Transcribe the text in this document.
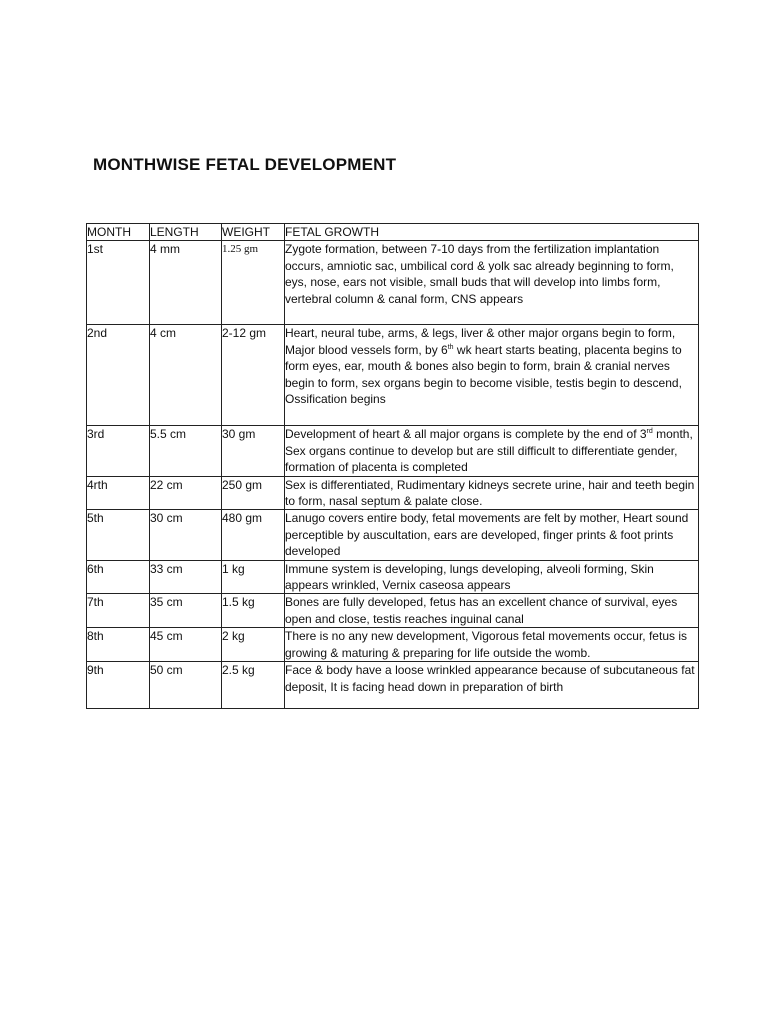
MONTHWISE FETAL DEVELOPMENT
MONTH	LENGTH	WEIGHT	FETAL GROWTH
1st	4 mm	1.25 gm	Zygote formation, between 7-10 days from the fertilization implantation occurs, amniotic sac, umbilical cord & yolk sac already beginning to form, eys, nose, ears not visible, small buds that will develop into limbs form, vertebral column & canal form, CNS appears
2nd	4 cm	2-12 gm	Heart, neural tube, arms, & legs, liver & other major organs begin to form, Major blood vessels form, by 6th wk heart starts beating, placenta begins to form eyes, ear, mouth & bones also begin to form, brain & cranial nerves begin to form, sex organs begin to become visible, testis begin to descend, Ossification begins
3rd	5.5 cm	30 gm	Development of heart & all major organs is complete by the end of 3rd month, Sex organs continue to develop but are still difficult to differentiate gender, formation of placenta is completed
4rth	22 cm	250 gm	Sex is differentiated, Rudimentary kidneys secrete urine, hair and teeth begin to form, nasal septum & palate close.
5th	30 cm	480 gm	Lanugo covers entire body, fetal movements are felt by mother, Heart sound perceptible by auscultation, ears are developed, finger prints & foot prints developed
6th	33 cm	1 kg	Immune system is developing, lungs developing, alveoli forming, Skin appears wrinkled, Vernix caseosa appears
7th	35 cm	1.5 kg	Bones are fully developed, fetus has an excellent chance of survival, eyes open and close, testis reaches inguinal canal
8th	45 cm	2 kg	There is no any new development, Vigorous fetal movements occur, fetus is growing & maturing & preparing for life outside the womb.
9th	50 cm	2.5 kg	Face & body have a loose wrinkled appearance because of subcutaneous fat deposit, It is facing head down in preparation of birth
